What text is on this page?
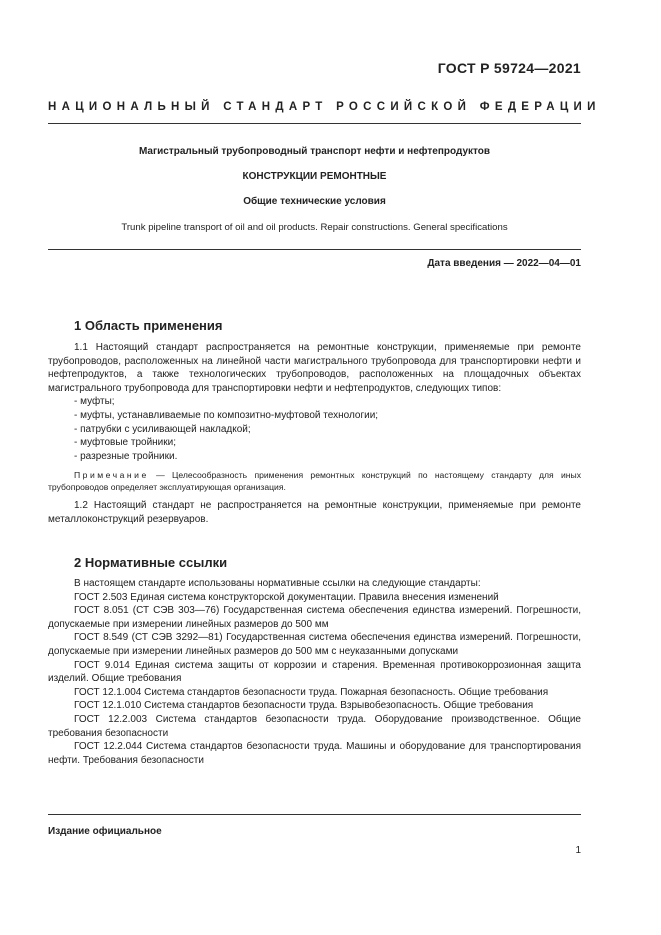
ГОСТ Р 59724—2021
НАЦИОНАЛЬНЫЙ СТАНДАРТ РОССИЙСКОЙ ФЕДЕРАЦИИ
Магистральный трубопроводный транспорт нефти и нефтепродуктов
КОНСТРУКЦИИ РЕМОНТНЫЕ
Общие технические условия
Trunk pipeline transport of oil and oil products. Repair constructions. General specifications
Дата введения — 2022—04—01
1 Область применения

1.1 Настоящий стандарт распространяется на ремонтные конструкции, применяемые при ремонте трубопроводов, расположенных на линейной части магистрального трубопровода для транспортировки нефти и нефтепродуктов, а также технологических трубопроводов, расположенных на площадочных объектах магистрального трубопровода для транспортировки нефти и нефтепродуктов, следующих типов:

- муфты;
- муфты, устанавливаемые по композитно-муфтовой технологии;
- патрубки с усиливающей накладкой;
- муфтовые тройники;
- разрезные тройники.

Примечание — Целесообразность применения ремонтных конструкций по настоящему стандарту для иных трубопроводов определяет эксплуатирующая организация.

1.2 Настоящий стандарт не распространяется на ремонтные конструкции, применяемые при ремонте металлоконструкций резервуаров.

2 Нормативные ссылки

В настоящем стандарте использованы нормативные ссылки на следующие стандарты:

ГОСТ 2.503 Единая система конструкторской документации. Правила внесения изменений

ГОСТ 8.051 (СТ СЭВ 303—76) Государственная система обеспечения единства измерений. Погрешности, допускаемые при измерении линейных размеров до 500 мм

ГОСТ 8.549 (СТ СЭВ 3292—81) Государственная система обеспечения единства измерений. Погрешности, допускаемые при измерении линейных размеров до 500 мм с неуказанными допусками

ГОСТ 9.014 Единая система защиты от коррозии и старения. Временная противокоррозионная защита изделий. Общие требования

ГОСТ 12.1.004 Система стандартов безопасности труда. Пожарная безопасность. Общие требования

ГОСТ 12.1.010 Система стандартов безопасности труда. Взрывобезопасность. Общие требования

ГОСТ 12.2.003 Система стандартов безопасности труда. Оборудование производственное. Общие требования безопасности

ГОСТ 12.2.044 Система стандартов безопасности труда. Машины и оборудование для транспортирования нефти. Требования безопасности

Издание официальное
1
